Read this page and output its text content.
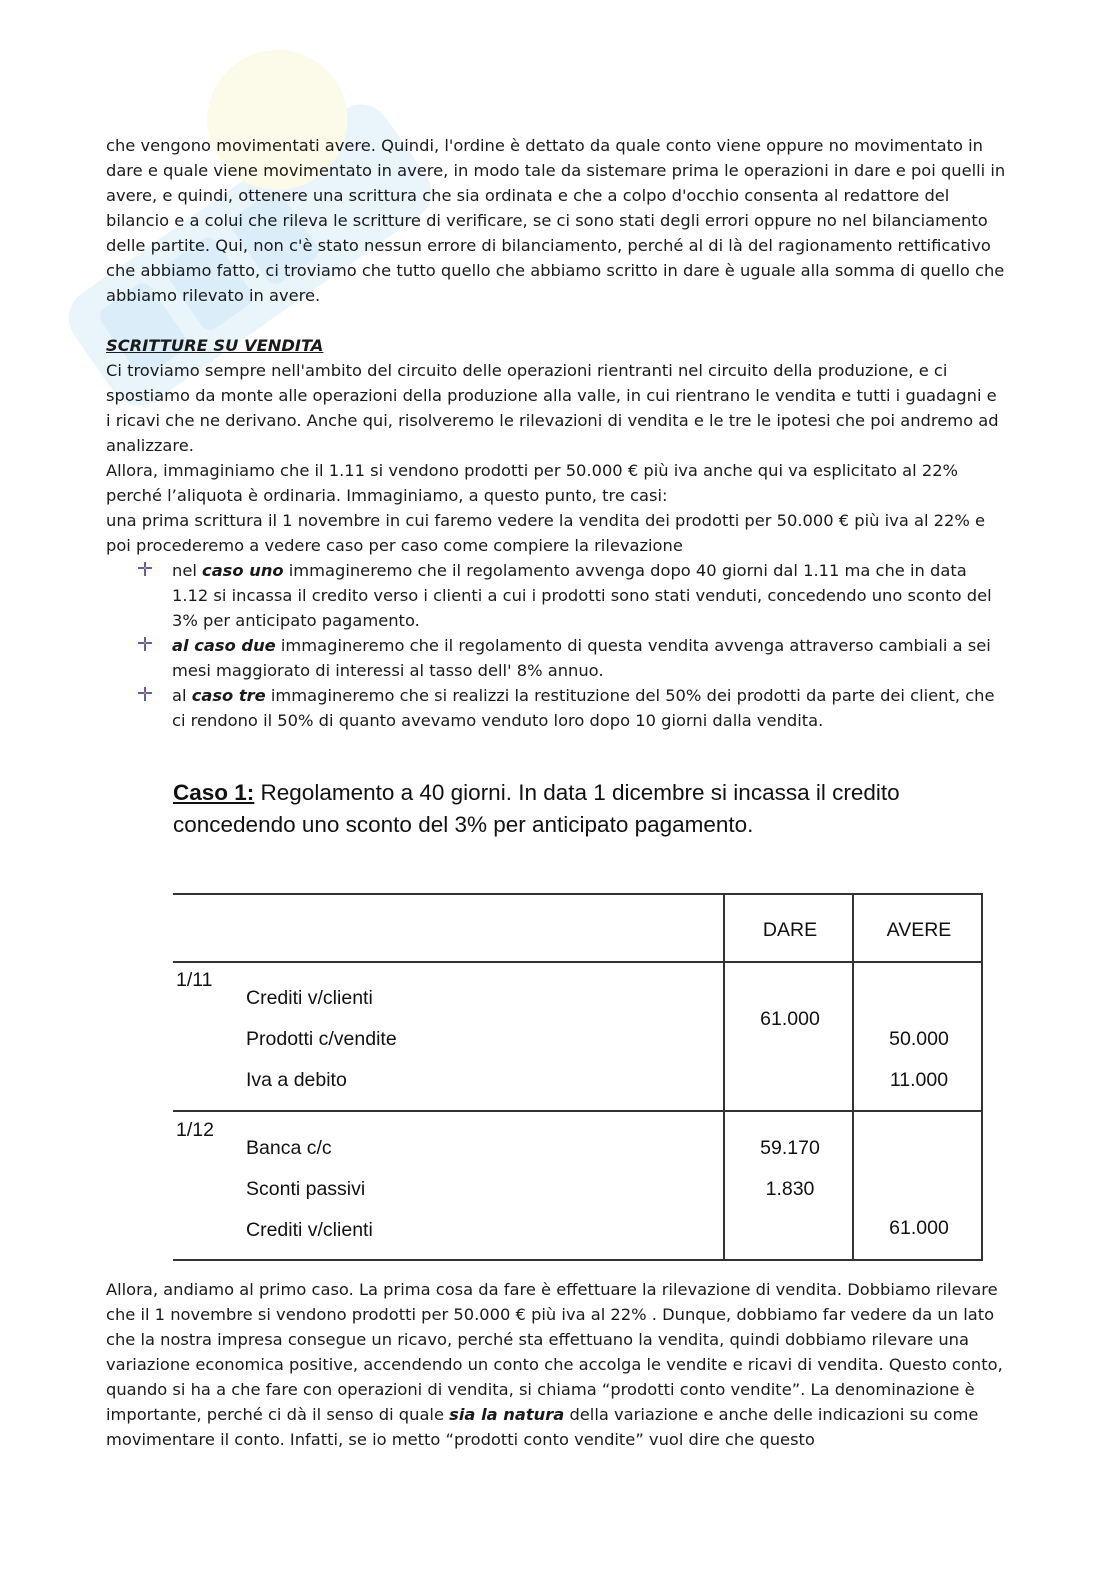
che vengono movimentati avere. Quindi, l'ordine è dettato da quale conto viene oppure no movimentato in dare e quale viene movimentato in avere, in modo tale da sistemare prima le operazioni in dare e poi quelli in avere, e quindi, ottenere una scrittura che sia ordinata e che a colpo d'occhio consenta al redattore del bilancio e a colui che rileva le scritture di verificare, se ci sono stati degli errori oppure no nel bilanciamento delle partite. Qui, non c'è stato nessun errore di bilanciamento, perché al di là del ragionamento rettificativo che abbiamo fatto, ci troviamo che tutto quello che abbiamo scritto in dare è uguale alla somma di quello che abbiamo rilevato in avere.

SCRITTURE SU VENDITA

Ci troviamo sempre nell'ambito del circuito delle operazioni rientranti nel circuito della produzione, e ci spostiamo da monte alle operazioni della produzione alla valle, in cui rientrano le vendita e tutti i guadagni e i ricavi che ne derivano. Anche qui, risolveremo le rilevazioni di vendita e le tre le ipotesi che poi andremo ad analizzare.

Allora, immaginiamo che il 1.11 si vendono prodotti per 50.000 € più iva anche qui va esplicitato al 22% perché l’aliquota è ordinaria. Immaginiamo, a questo punto, tre casi:

una prima scrittura il 1 novembre in cui faremo vedere la vendita dei prodotti per 50.000 € più iva al 22% e poi procederemo a vedere caso per caso come compiere la rilevazione

nel caso uno immagineremo che il regolamento avvenga dopo 40 giorni dal 1.11 ma che in data 1.12 si incassa il credito verso i clienti a cui i prodotti sono stati venduti, concedendo uno sconto del 3% per anticipato pagamento.
al caso due immagineremo che il regolamento di questa vendita avvenga attraverso cambiali a sei mesi maggiorato di interessi al tasso dell' 8% annuo.
al caso tre immagineremo che si realizzi la restituzione del 50% dei prodotti da parte dei client, che ci rendono il 50% di quanto avevamo venduto loro dopo 10 giorni dalla vendita.
Caso 1: Regolamento a 40 giorni. In data 1 dicembre si incassa il credito concedendo uno sconto del 3% per anticipato pagamento.
DARE	AVERE
1/11
Crediti v/clienti
Prodotti c/vendite
Iva a debito
61.000
50.000
11.000
1/12
Banca c/c
Sconti passivi
Crediti v/clienti
59.170
1.830
61.000
Allora, andiamo al primo caso. La prima cosa da fare è effettuare la rilevazione di vendita. Dobbiamo rilevare che il 1 novembre si vendono prodotti per 50.000 € più iva al 22% . Dunque, dobbiamo far vedere da un lato che la nostra impresa consegue un ricavo, perché sta effettuano la vendita, quindi dobbiamo rilevare una variazione economica positive, accendendo un conto che accolga le vendite e ricavi di vendita. Questo conto, quando si ha a che fare con operazioni di vendita, si chiama “prodotti conto vendite”. La denominazione è importante, perché ci dà il senso di quale sia la natura della variazione e anche delle indicazioni su come movimentare il conto. Infatti, se io metto “prodotti conto vendite” vuol dire che questo
